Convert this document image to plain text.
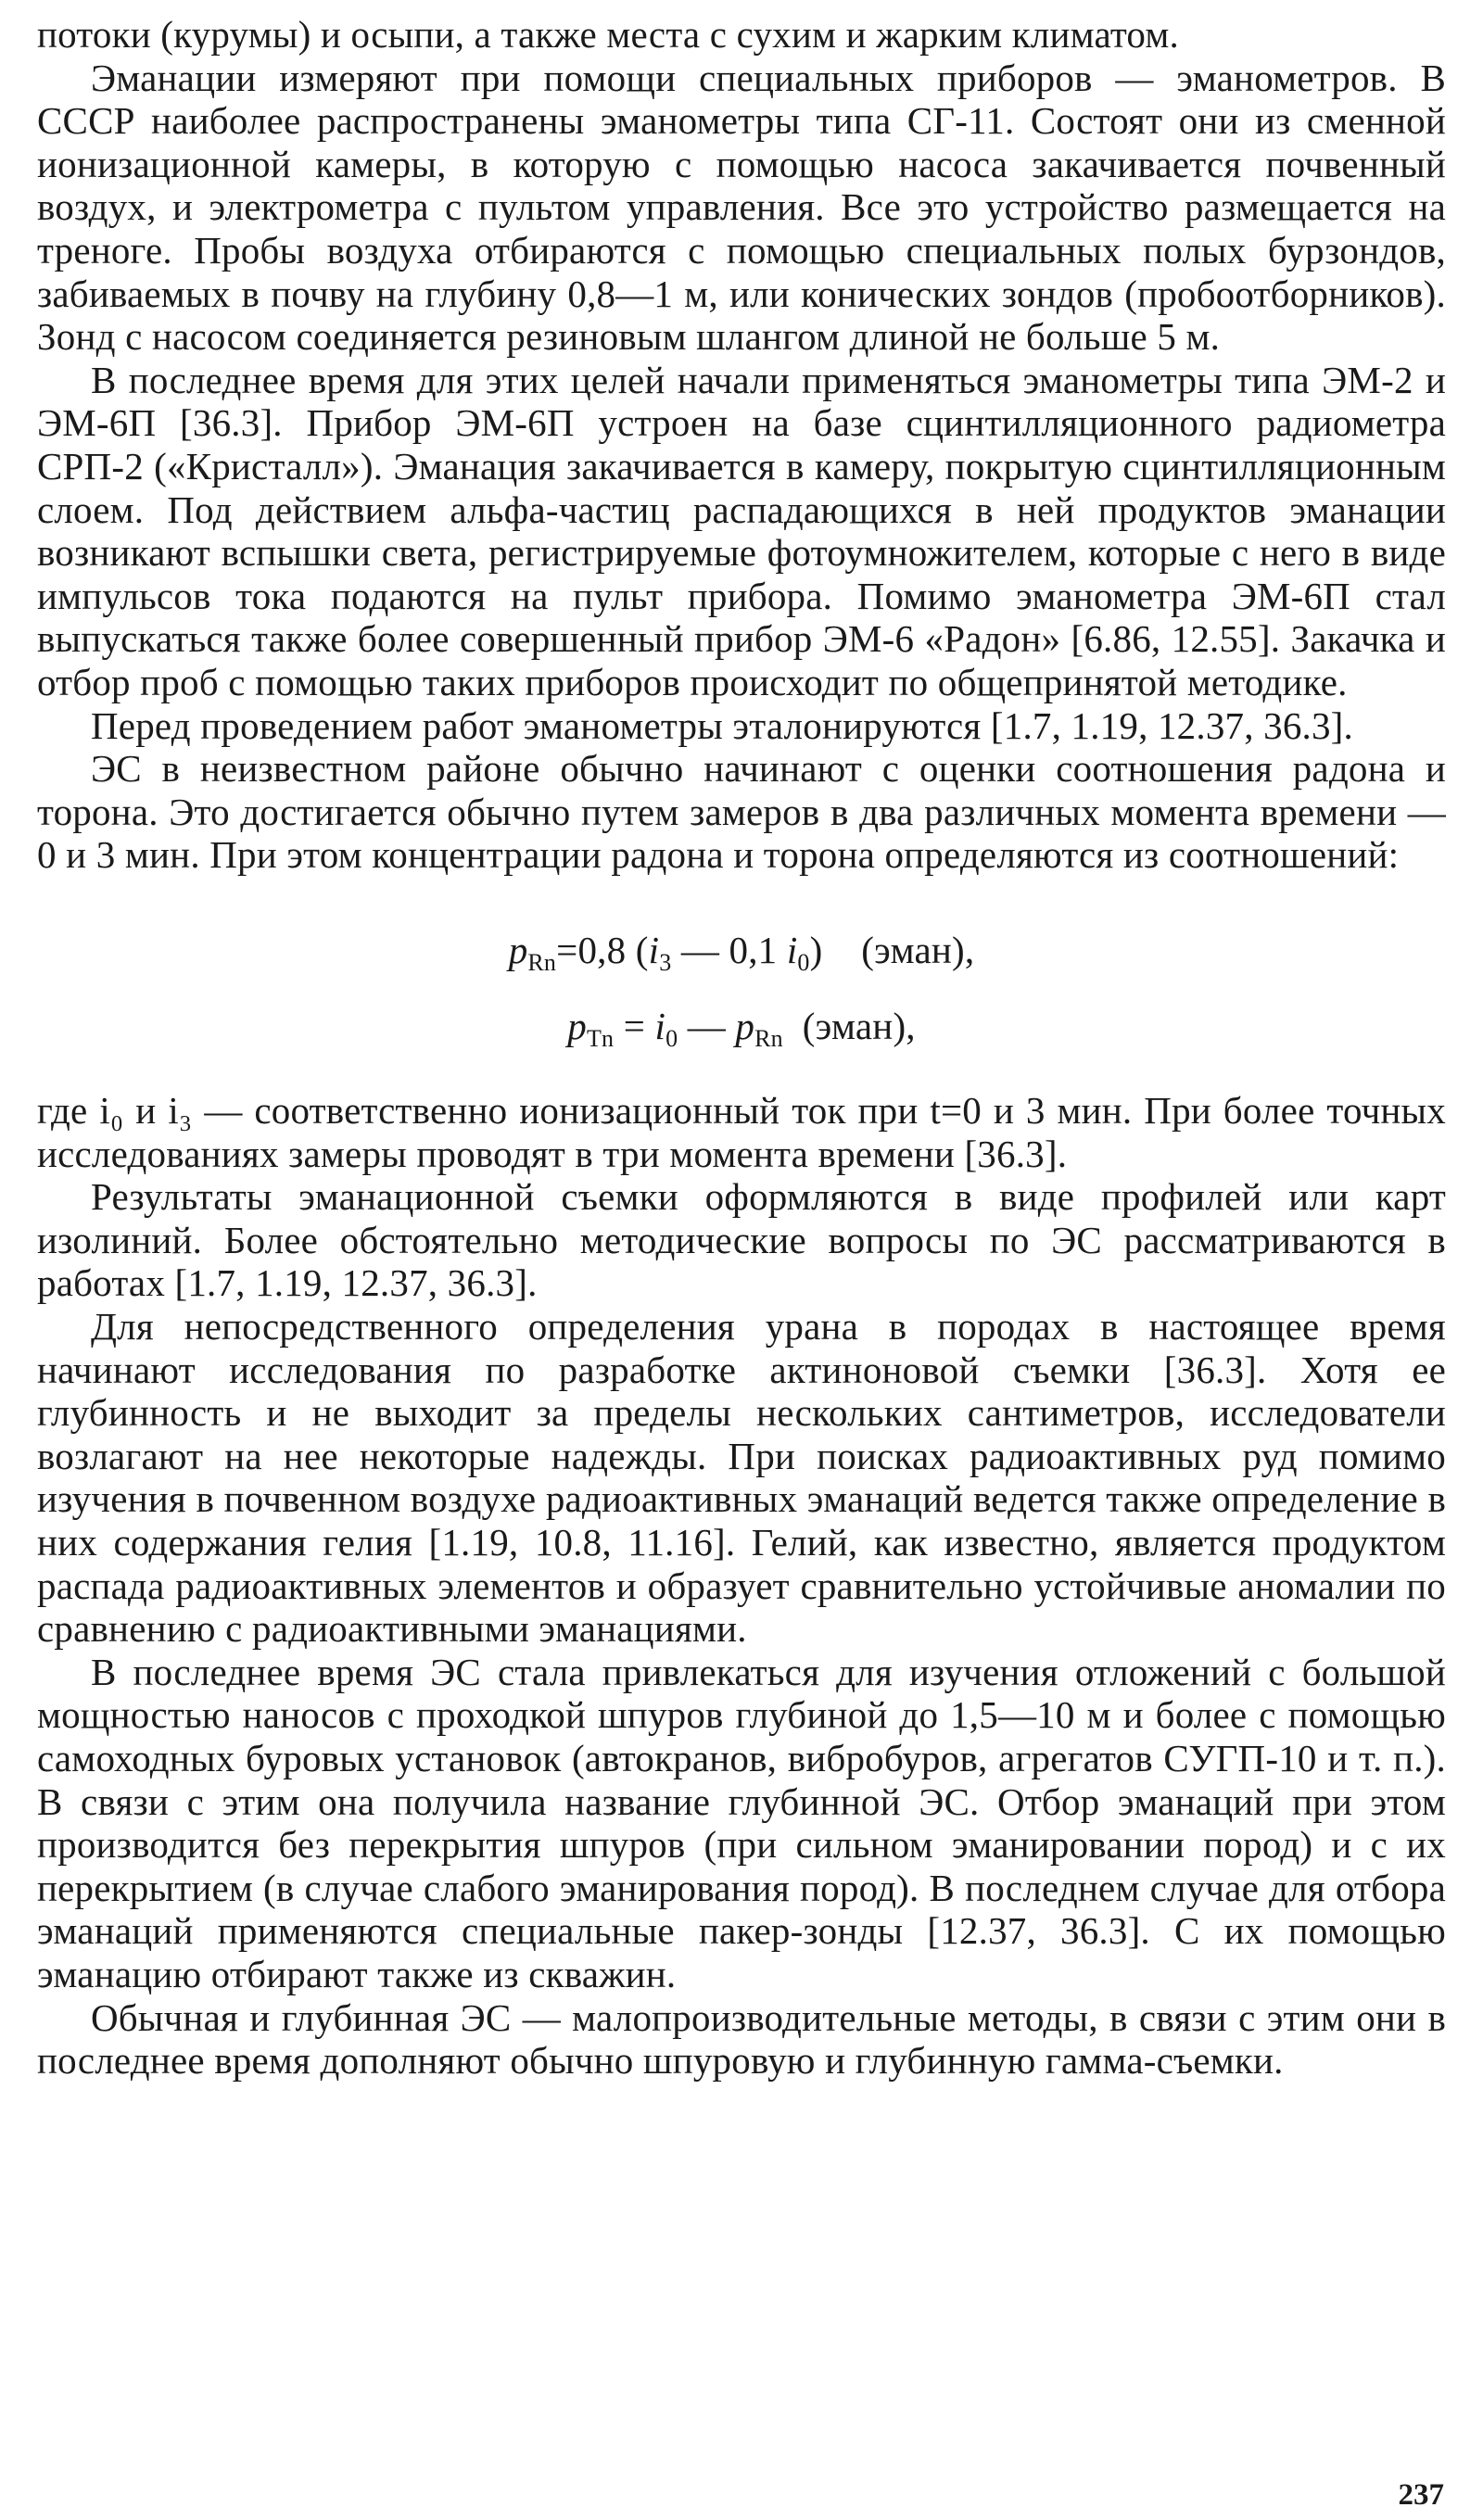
потоки (курумы) и осыпи, а также места с сухим и жарким климатом.

Эманации измеряют при помощи специальных приборов — эманометров. В СССР наиболее распространены эманометры типа СГ-11. Состоят они из сменной ионизационной камеры, в которую с помощью насоса закачивается почвенный воздух, и электрометра с пультом управления. Все это устройство размещается на треноге. Пробы воздуха отбираются с помощью специальных полых бурзондов, забиваемых в почву на глубину 0,8—1 м, или конических зондов (пробоотборников). Зонд с насосом соединяется резиновым шлангом длиной не больше 5 м.

В последнее время для этих целей начали применяться эманометры типа ЭМ-2 и ЭМ-6П [36.3]. Прибор ЭМ-6П устроен на базе сцинтилляционного радиометра СРП-2 («Кристалл»). Эманация закачивается в камеру, покрытую сцинтилляционным слоем. Под действием альфа-частиц распадающихся в ней продуктов эманации возникают вспышки света, регистрируемые фотоумножителем, которые с него в виде импульсов тока подаются на пульт прибора. Помимо эманометра ЭМ-6П стал выпускаться также более совершенный прибор ЭМ-6 «Радон» [6.86, 12.55]. Закачка и отбор проб с помощью таких приборов происходит по общепринятой методике.

Перед проведением работ эманометры эталонируются [1.7, 1.19, 12.37, 36.3].

ЭС в неизвестном районе обычно начинают с оценки соотношения радона и торона. Это достигается обычно путем замеров в два различных момента времени — 0 и 3 мин. При этом концентрации радона и торона определяются из соотношений:

$p_{Rn}=0,8$ ($i_3$ — 0,1 $i_0$) (эман),

$p_{Tn} = i_0$ — $p_{Rn}$ (эман),

где i₀ и i₃ — соответственно ионизационный ток при t=0 и 3 мин. При более точных исследованиях замеры проводят в три момента времени [36.3].

Результаты эманационной съемки оформляются в виде профилей или карт изолиний. Более обстоятельно методические вопросы по ЭС рассматриваются в работах [1.7, 1.19, 12.37, 36.3].

Для непосредственного определения урана в породах в настоящее время начинают исследования по разработке актиноновой съемки [36.3]. Хотя ее глубинность и не выходит за пределы нескольких сантиметров, исследователи возлагают на нее некоторые надежды. При поисках радиоактивных руд помимо изучения в почвенном воздухе радиоактивных эманаций ведется также определение в них содержания гелия [1.19, 10.8, 11.16]. Гелий, как известно, является продуктом распада радиоактивных элементов и образует сравнительно устойчивые аномалии по сравнению с радиоактивными эманациями.

В последнее время ЭС стала привлекаться для изучения отложений с большой мощностью наносов с проходкой шпуров глубиной до 1,5—10 м и более с помощью самоходных буровых установок (автокранов, вибробуров, агрегатов СУГП-10 и т. п.). В связи с этим она получила название глубинной ЭС. Отбор эманаций при этом производится без перекрытия шпуров (при сильном эманировании пород) и с их перекрытием (в случае слабого эманирования пород). В последнем случае для отбора эманаций применяются специальные пакер-зонды [12.37, 36.3]. С их помощью эманацию отбирают также из скважин.

Обычная и глубинная ЭС — малопроизводительные методы, в связи с этим они в последнее время дополняют обычно шпуровую и глубинную гамма-съемки.

237
